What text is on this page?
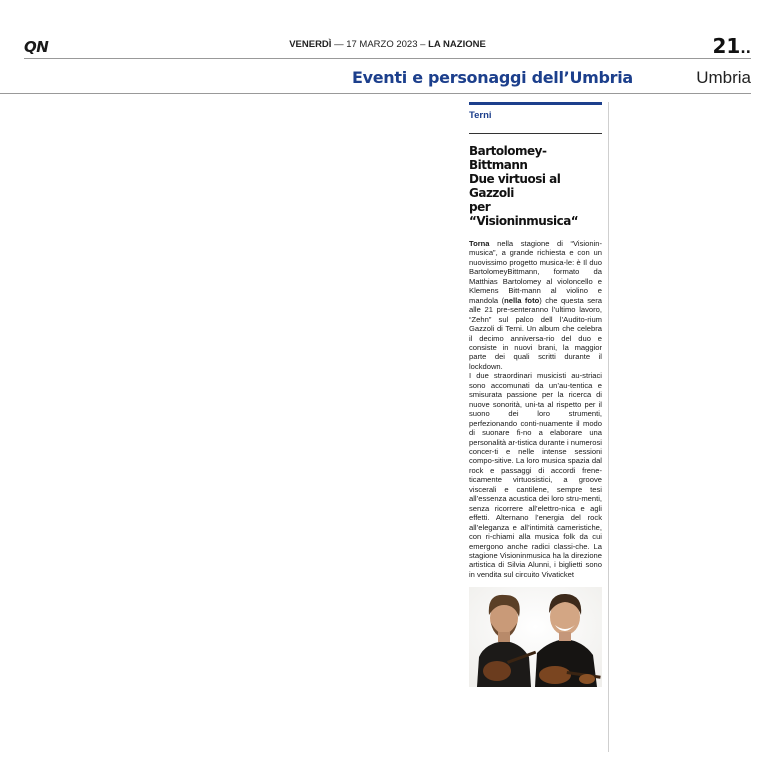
QN	VENERDÌ — 17 MARZO 2023 – LA NAZIONE	21..
Eventi e personaggi dell’Umbria	Umbria
Terni
Bartolomey-Bittmann
Due virtuosi al Gazzoli
per “Visioninmusica“

Torna nella stagione di “Visionin-musica”, a grande richiesta e con un nuovissimo progetto musica-le: è Il duo BartolomeyBittmann, formato da Matthias Bartolomey al violoncello e Klemens Bitt-mann al violino e mandola (nella foto) che questa sera alle 21 pre-senteranno l’ultimo lavoro, “Zehn” sul palco dell l’Audito-rium Gazzoli di Terni. Un album che celebra il decimo anniversa-rio del duo e consiste in nuovi brani, la maggior parte dei quali scritti durante il lockdown.

I due straordinari musicisti au-striaci sono accomunati da un’au-tentica e smisurata passione per la ricerca di nuove sonorità, uni-ta al rispetto per il suono dei loro strumenti, perfezionando conti-nuamente il modo di suonare fi-no a elaborare una personalità ar-tistica durante i numerosi concer-ti e nelle intense sessioni compo-sitive. La loro musica spazia dal rock e passaggi di accordi frene-ticamente virtuosistici, a groove viscerali e cantilene, sempre tesi all’essenza acustica dei loro stru-menti, senza ricorrere all’elettro-nica e agli effetti. Alternano l’energia del rock all’eleganza e all’intimità cameristiche, con ri-chiami alla musica folk da cui emergono anche radici classi-che. La stagione Visioninmusica ha la direzione artistica di Silvia Alunni, i biglietti sono in vendita sul circuito Vivaticket
